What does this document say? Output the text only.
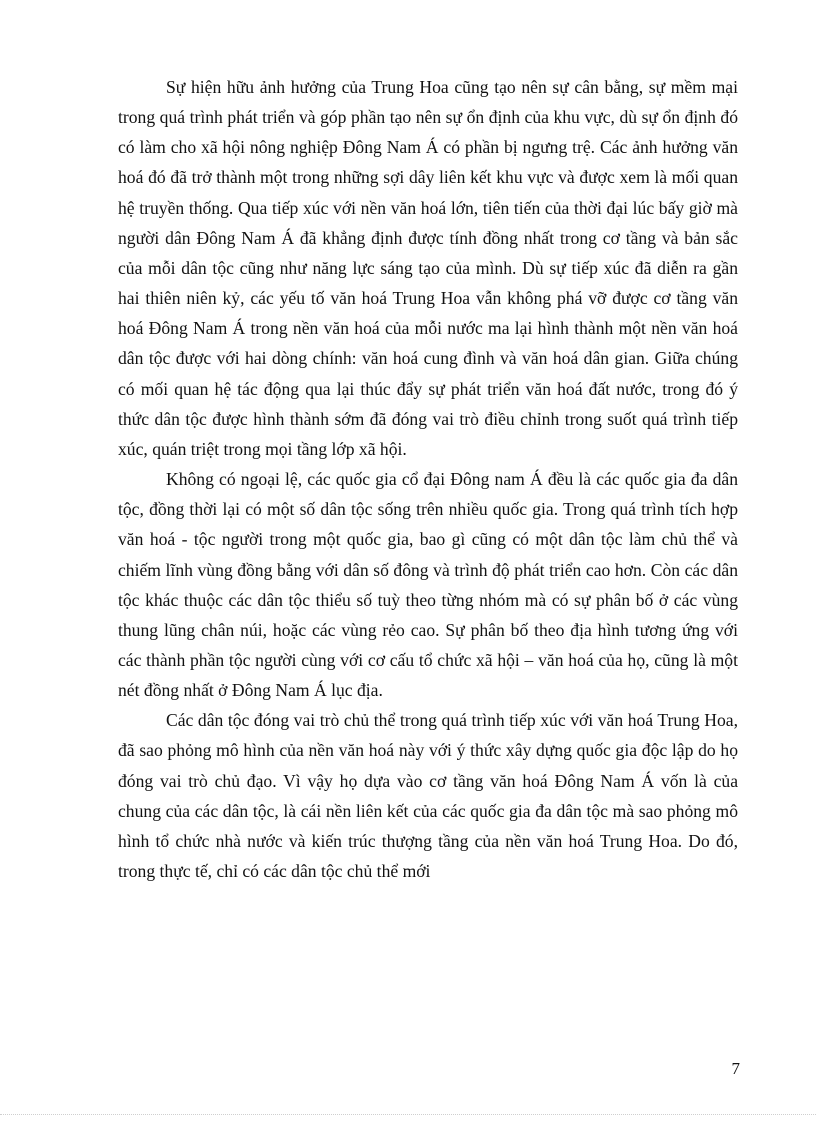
Sự hiện hữu ảnh hưởng của Trung Hoa cũng tạo nên sự cân bằng, sự mềm mại trong quá trình phát triển và góp phần tạo nên sự ổn định của khu vực, dù sự ổn định đó có làm cho xã hội nông nghiệp Đông Nam Á có phần bị ngưng trệ. Các ảnh hưởng văn hoá đó đã trở thành một trong những sợi dây liên kết khu vực và được xem là mối quan hệ truyền thống. Qua tiếp xúc với nền văn hoá lớn, tiên tiến của thời đại lúc bấy giờ mà người dân Đông Nam Á đã khẳng định được tính đồng nhất trong cơ tầng và bản sắc của mỗi dân tộc cũng như năng lực sáng tạo của mình. Dù sự tiếp xúc đã diễn ra gần hai thiên niên kỷ, các yếu tố văn hoá Trung Hoa vẫn không phá vỡ được cơ tầng văn hoá Đông Nam Á trong nền văn hoá của mỗi nước ma lại hình thành một nền văn hoá dân tộc được với hai dòng chính: văn hoá cung đình và văn hoá dân gian. Giữa chúng có mối quan hệ tác động qua lại thúc đẩy sự phát triển văn hoá đất nước, trong đó ý thức dân tộc được hình thành sớm đã đóng vai trò điều chỉnh trong suốt quá trình tiếp xúc, quán triệt trong mọi tầng lớp xã hội.

Không có ngoại lệ, các quốc gia cổ đại Đông nam Á đều là các quốc gia đa dân tộc, đồng thời lại có một số dân tộc sống trên nhiều quốc gia. Trong quá trình tích hợp văn hoá - tộc người trong một quốc gia, bao gì cũng có một dân tộc làm chủ thể và chiếm lĩnh vùng đồng bằng với dân số đông và trình độ phát triển cao hơn. Còn các dân tộc khác thuộc các dân tộc thiểu số tuỳ theo từng nhóm mà có sự phân bố ở các vùng thung lũng chân núi, hoặc các vùng rẻo cao. Sự phân bố theo địa hình tương ứng với các thành phần tộc người cùng với cơ cấu tổ chức xã hội – văn hoá của họ, cũng là một nét đồng nhất ở Đông Nam Á lục địa.

Các dân tộc đóng vai trò chủ thể trong quá trình tiếp xúc với văn hoá Trung Hoa, đã sao phỏng mô hình của nền văn hoá này với ý thức xây dựng quốc gia độc lập do họ đóng vai trò chủ đạo. Vì vậy họ dựa vào cơ tầng văn hoá Đông Nam Á vốn là của chung của các dân tộc, là cái nền liên kết của các quốc gia đa dân tộc mà sao phỏng mô hình tổ chức nhà nước và kiến trúc thượng tầng của nền văn hoá Trung Hoa. Do đó, trong thực tế, chỉ có các dân tộc chủ thể mới

7
